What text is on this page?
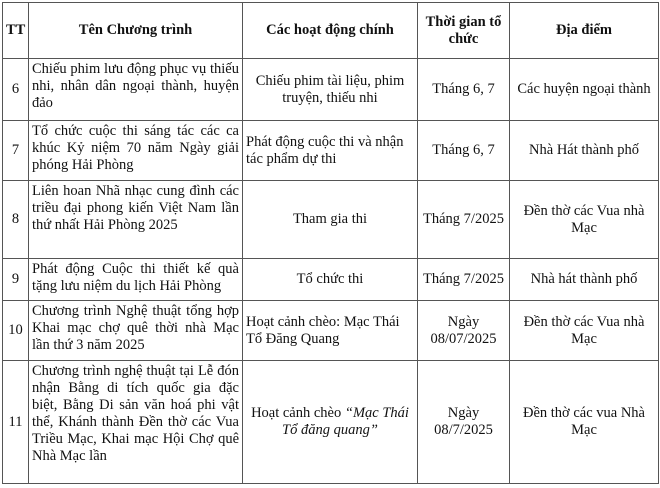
TT	Tên Chương trình	Các hoạt động chính	Thời gian tổ chức	Địa điểm
6	Chiếu phim lưu động phục vụ thiếu nhi, nhân dân ngoại thành, huyện đảo	Chiếu phim tài liệu, phim truyện, thiếu nhi	Tháng 6, 7	Các huyện ngoại thành
7	Tổ chức cuộc thi sáng tác các ca khúc Kỷ niệm 70 năm Ngày giải phóng Hải Phòng	Phát động cuộc thi và nhận tác phẩm dự thi	Tháng 6, 7	Nhà Hát thành phố
8	Liên hoan Nhã nhạc cung đình các triều đại phong kiến Việt Nam lần thứ nhất Hải Phòng 2025	Tham gia thi	Tháng 7/2025	Đền thờ các Vua nhà Mạc
9	Phát động Cuộc thi thiết kế quà tặng lưu niệm du lịch Hải Phòng	Tổ chức thi	Tháng 7/2025	Nhà hát thành phố
10	Chương trình Nghệ thuật tổng hợp Khai mạc chợ quê thời nhà Mạc lần thứ 3 năm 2025	Hoạt cảnh chèo: Mạc Thái Tổ Đăng Quang	Ngày 08/07/2025	Đền thờ các Vua nhà Mạc
11	Chương trình nghệ thuật tại Lễ đón nhận Bằng di tích quốc gia đặc biệt, Bằng Di sản văn hoá phi vật thể, Khánh thành Đền thờ các Vua Triều Mạc, Khai mạc Hội Chợ quê Nhà Mạc lần	Hoạt cảnh chèo “Mạc Thái Tổ đăng quang”	Ngày 08/7/2025	Đền thờ các vua Nhà Mạc
